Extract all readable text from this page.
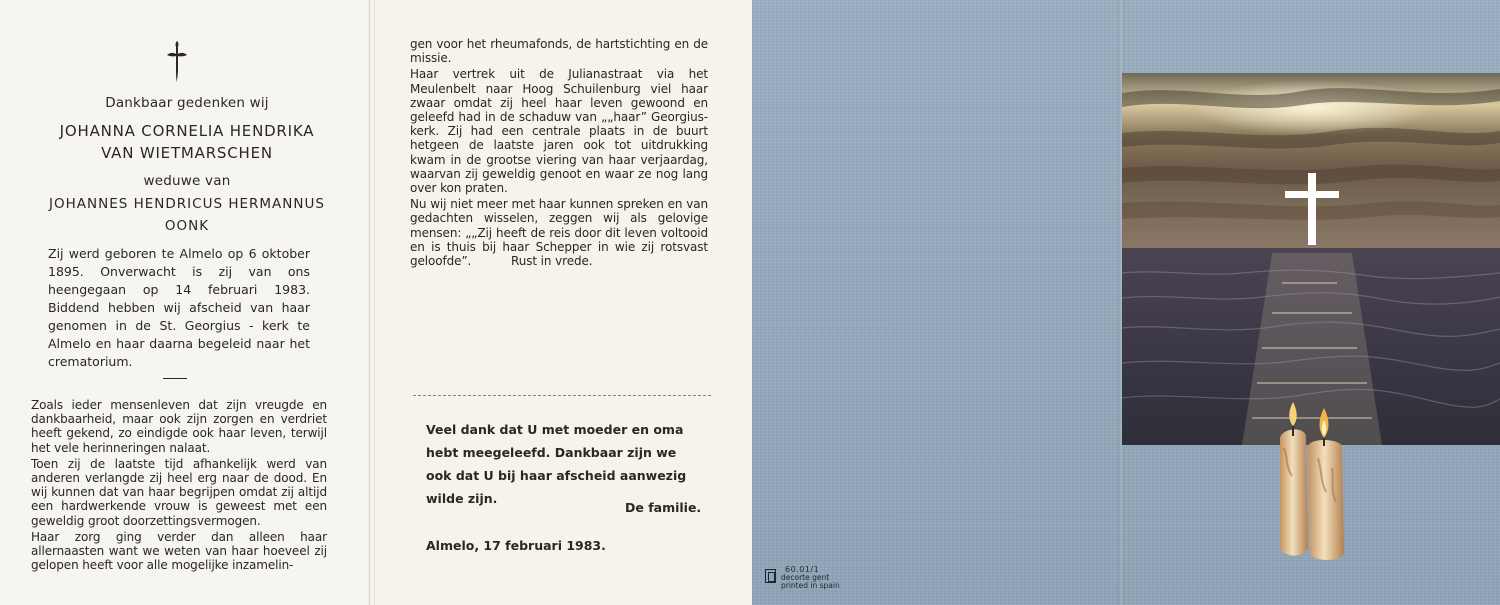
Dankbaar gedenken wij
JOHANNA CORNELIA HENDRIKA
VAN WIETMARSCHEN
weduwe van
JOHANNES HENDRICUS HERMANNUS
OONK
Zij werd geboren te Almelo op 6 oktober 1895. Onverwacht is zij van ons heengegaan op 14 februari 1983. Biddend hebben wij afscheid van haar genomen in de St. Georgius - kerk te Almelo en haar daarna begeleid naar het crematorium.
Zoals ieder mensenleven dat zijn vreugde en dankbaarheid, maar ook zijn zorgen en verdriet heeft gekend, zo eindigde ook haar leven, terwijl het vele herinneringen nalaat.
Toen zij de laatste tijd afhankelijk werd van anderen verlangde zij heel erg naar de dood. En wij kunnen dat van haar begrijpen omdat zij altijd een hardwerkende vrouw is geweest met een geweldig groot doorzettingsvermogen.
Haar zorg ging verder dan alleen haar allernaasten want we weten van haar hoeveel zij gelopen heeft voor alle mogelijke inzamelin-
gen voor het rheumafonds, de hartstichting en de missie.
Haar vertrek uit de Julianastraat via het Meulenbelt naar Hoog Schuilenburg viel haar zwaar omdat zij heel haar leven gewoond en geleefd had in de schaduw van „„haar” Georgius-kerk. Zij had een centrale plaats in de buurt hetgeen de laatste jaren ook tot uitdrukking kwam in de grootse viering van haar verjaardag, waarvan zij geweldig genoot en waar ze nog lang over kon praten.
Nu wij niet meer met haar kunnen spreken en van gedachten wisselen, zeggen wij als gelovige mensen: „„Zij heeft de reis door dit leven voltooid en is thuis bij haar Schepper in wie zij rotsvast geloofde”.	Rust in vrede.
Veel dank dat U met moeder en oma hebt meegeleefd. Dankbaar zijn we ook dat U bij haar afscheid aanwezig wilde zijn.
De familie.
Almelo, 17 februari 1983.
60.01/1
decorte gent
printed in spain
